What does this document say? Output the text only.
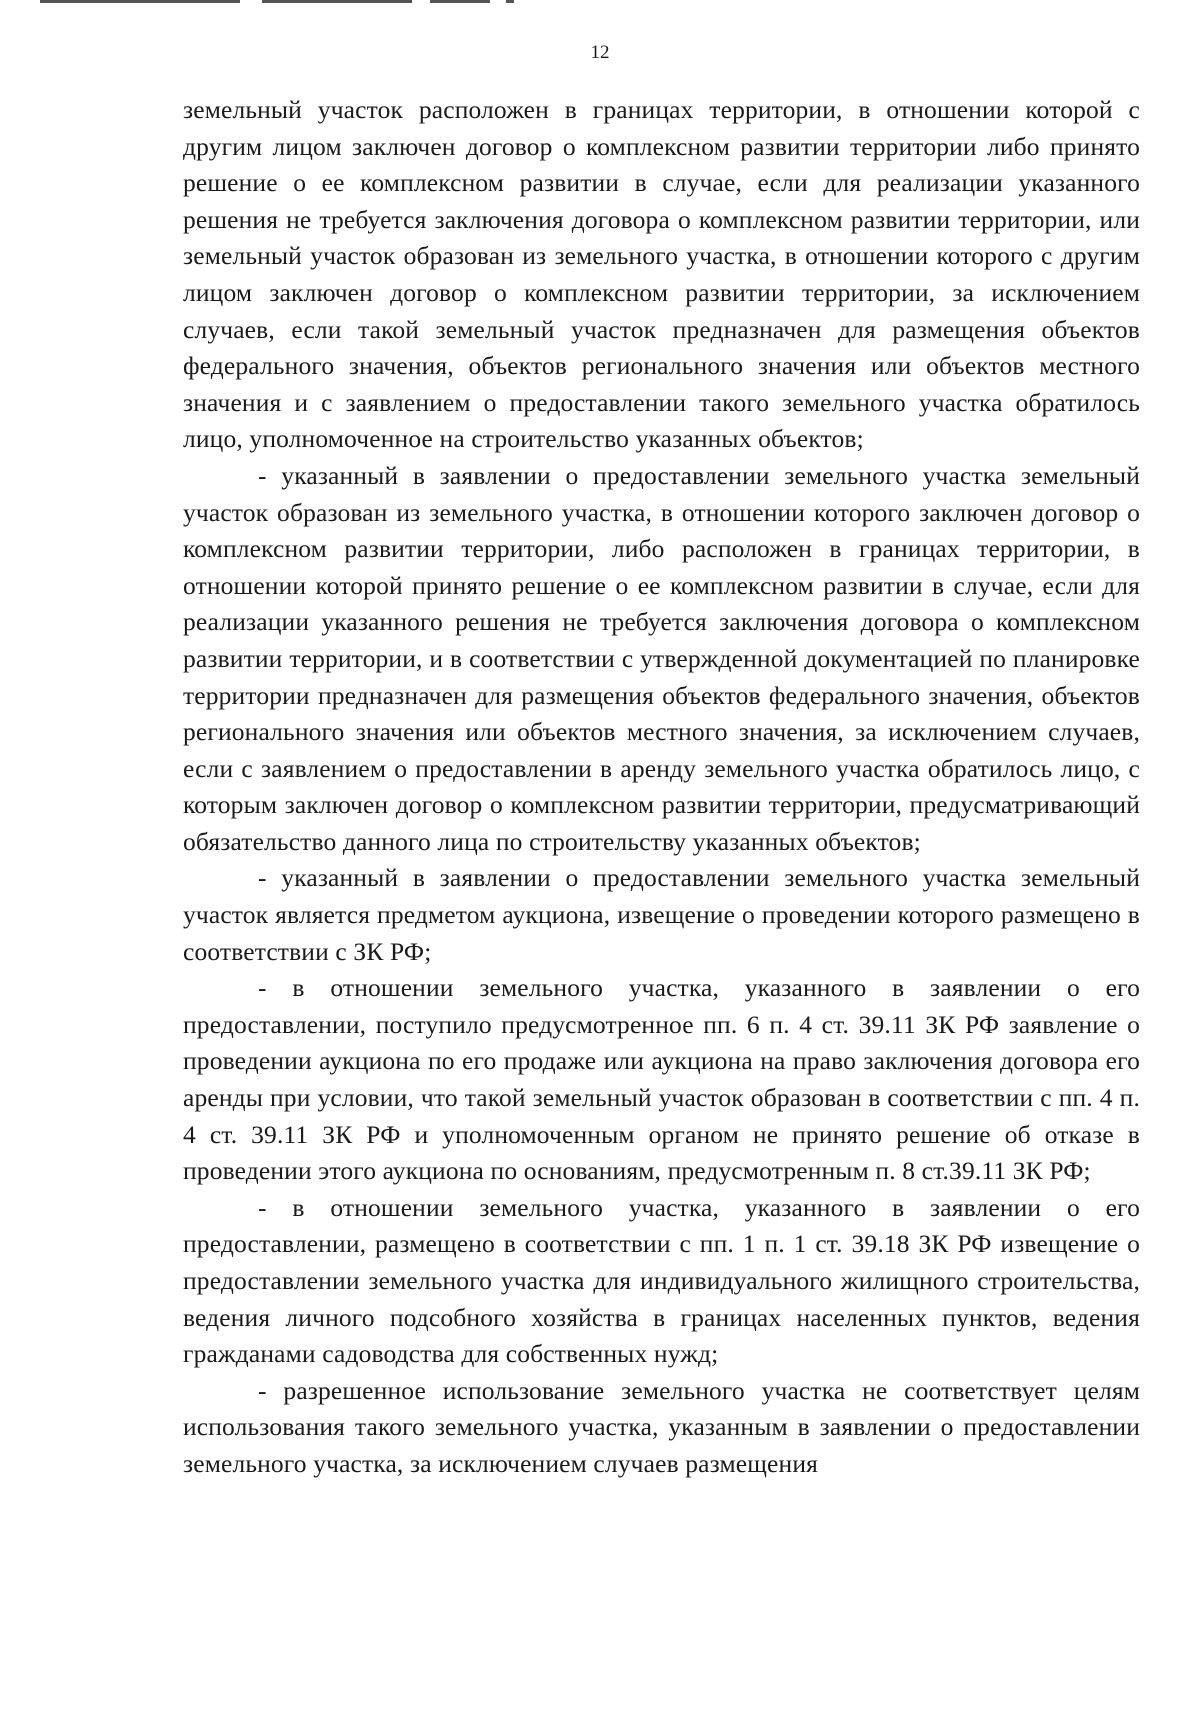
12

земельный участок расположен в границах территории, в отношении которой с другим лицом заключен договор о комплексном развитии территории либо принято решение о ее комплексном развитии в случае, если для реализации указанного решения не требуется заключения договора о комплексном развитии территории, или земельный участок образован из земельного участка, в отношении которого с другим лицом заключен договор о комплексном развитии территории, за исключением случаев, если такой земельный участок предназначен для размещения объектов федерального значения, объектов регионального значения или объектов местного значения и с заявлением о предоставлении такого земельного участка обратилось лицо, уполномоченное на строительство указанных объектов;

- указанный в заявлении о предоставлении земельного участка земельный участок образован из земельного участка, в отношении которого заключен договор о комплексном развитии территории, либо расположен в границах территории, в отношении которой принято решение о ее комплексном развитии в случае, если для реализации указанного решения не требуется заключения договора о комплексном развитии территории, и в соответствии с утвержденной документацией по планировке территории предназначен для размещения объектов федерального значения, объектов регионального значения или объектов местного значения, за исключением случаев, если с заявлением о предоставлении в аренду земельного участка обратилось лицо, с которым заключен договор о комплексном развитии территории, предусматривающий обязательство данного лица по строительству указанных объектов;

- указанный в заявлении о предоставлении земельного участка земельный участок является предметом аукциона, извещение о проведении которого размещено в соответствии с ЗК РФ;

- в отношении земельного участка, указанного в заявлении о его предоставлении, поступило предусмотренное пп. 6 п. 4 ст. 39.11 ЗК РФ заявление о проведении аукциона по его продаже или аукциона на право заключения договора его аренды при условии, что такой земельный участок образован в соответствии с пп. 4 п. 4 ст. 39.11 ЗК РФ и уполномоченным органом не принято решение об отказе в проведении этого аукциона по основаниям, предусмотренным п. 8 ст.39.11 ЗК РФ;

- в отношении земельного участка, указанного в заявлении о его предоставлении, размещено в соответствии с пп. 1 п. 1 ст. 39.18 ЗК РФ извещение о предоставлении земельного участка для индивидуального жилищного строительства, ведения личного подсобного хозяйства в границах населенных пунктов, ведения гражданами садоводства для собственных нужд;

- разрешенное использование земельного участка не соответствует целям использования такого земельного участка, указанным в заявлении о предоставлении земельного участка, за исключением случаев размещения
